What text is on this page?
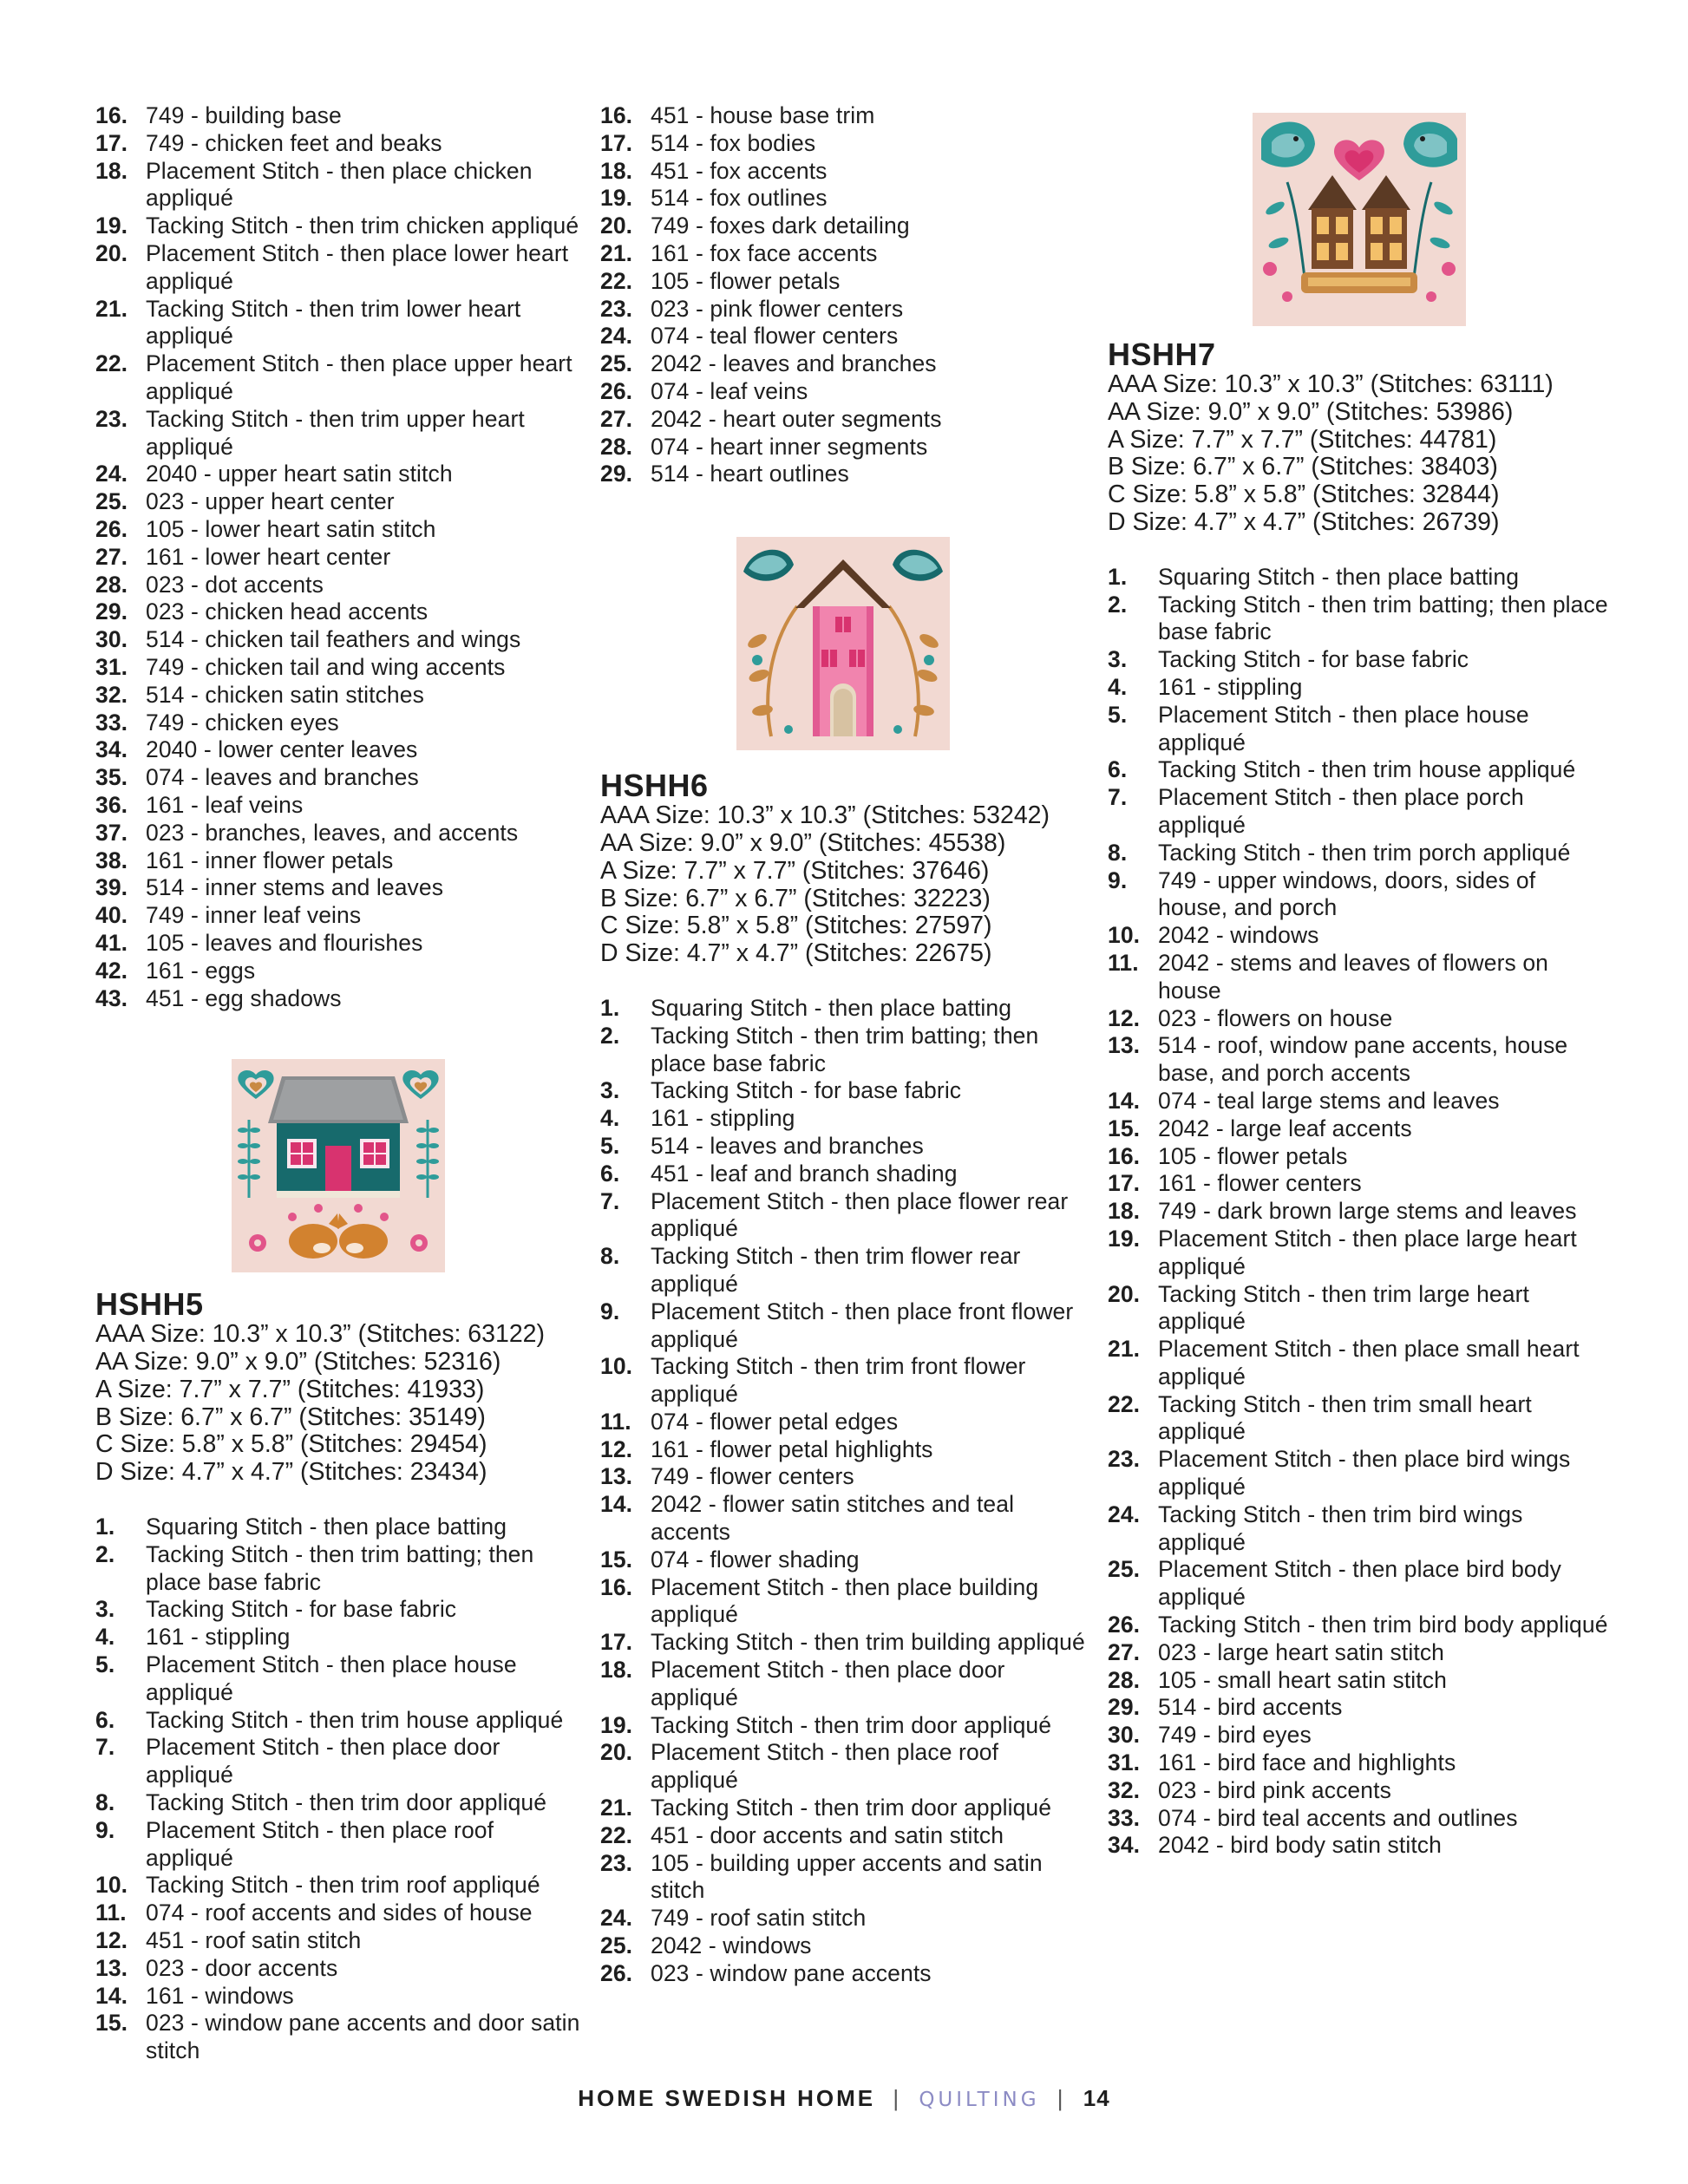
16. 749 - building base
17. 749 - chicken feet and beaks
18. Placement Stitch - then place chicken appliqué
19. Tacking Stitch - then trim chicken appliqué
20. Placement Stitch - then place lower heart appliqué
21. Tacking Stitch - then trim lower heart appliqué
22. Placement Stitch - then place upper heart appliqué
23. Tacking Stitch - then trim upper heart appliqué
24. 2040 - upper heart satin stitch
25. 023 - upper heart center
26. 105 - lower heart satin stitch
27. 161 - lower heart center
28. 023 - dot accents
29. 023 - chicken head accents
30. 514 - chicken tail feathers and wings
31. 749 - chicken tail and wing accents
32. 514 - chicken satin stitches
33. 749 - chicken eyes
34. 2040 - lower center leaves
35. 074 - leaves and branches
36. 161 - leaf veins
37. 023 - branches, leaves, and accents
38. 161 - inner flower petals
39. 514 - inner stems and leaves
40. 749 - inner leaf veins
41. 105 - leaves and flourishes
42. 161 - eggs
43. 451 - egg shadows
HSHH5
AAA Size: 10.3” x 10.3” (Stitches: 63122)
AA Size: 9.0” x 9.0” (Stitches: 52316)
A Size: 7.7” x 7.7” (Stitches: 41933)
B Size: 6.7” x 6.7” (Stitches: 35149)
C Size: 5.8” x 5.8” (Stitches: 29454)
D Size: 4.7” x 4.7” (Stitches: 23434)
1. Squaring Stitch - then place batting
2. Tacking Stitch - then trim batting; then place base fabric
3. Tacking Stitch - for base fabric
4. 161 - stippling
5. Placement Stitch - then place house appliqué
6. Tacking Stitch - then trim house appliqué
7. Placement Stitch - then place door appliqué
8. Tacking Stitch - then trim door appliqué
9. Placement Stitch - then place roof appliqué
10. Tacking Stitch - then trim roof appliqué
11. 074 - roof accents and sides of house
12. 451 - roof satin stitch
13. 023 - door accents
14. 161 - windows
15. 023 - window pane accents and door satin stitch
16. 451 - house base trim
17. 514 - fox bodies
18. 451 - fox accents
19. 514 - fox outlines
20. 749 - foxes dark detailing
21. 161 - fox face accents
22. 105 - flower petals
23. 023 - pink flower centers
24. 074 - teal flower centers
25. 2042 - leaves and branches
26. 074 - leaf veins
27. 2042 - heart outer segments
28. 074 - heart inner segments
29. 514 - heart outlines
HSHH6
AAA Size: 10.3” x 10.3” (Stitches: 53242)
AA Size: 9.0” x 9.0” (Stitches: 45538)
A Size: 7.7” x 7.7” (Stitches: 37646)
B Size: 6.7” x 6.7” (Stitches: 32223)
C Size: 5.8” x 5.8” (Stitches: 27597)
D Size: 4.7” x 4.7” (Stitches: 22675)
1. Squaring Stitch - then place batting
2. Tacking Stitch - then trim batting; then place base fabric
3. Tacking Stitch - for base fabric
4. 161 - stippling
5. 514 - leaves and branches
6. 451 - leaf and branch shading
7. Placement Stitch - then place flower rear appliqué
8. Tacking Stitch - then trim flower rear appliqué
9. Placement Stitch - then place front flower appliqué
10. Tacking Stitch - then trim front flower appliqué
11. 074 - flower petal edges
12. 161 - flower petal highlights
13. 749 - flower centers
14. 2042 - flower satin stitches and teal accents
15. 074 - flower shading
16. Placement Stitch - then place building appliqué
17. Tacking Stitch - then trim building appliqué
18. Placement Stitch - then place door appliqué
19. Tacking Stitch - then trim door appliqué
20. Placement Stitch - then place roof appliqué
21. Tacking Stitch - then trim door appliqué
22. 451 - door accents and satin stitch
23. 105 - building upper accents and satin stitch
24. 749 - roof satin stitch
25. 2042 - windows
26. 023 - window pane accents
HSHH7
AAA Size: 10.3” x 10.3” (Stitches: 63111)
AA Size: 9.0” x 9.0” (Stitches: 53986)
A Size: 7.7” x 7.7” (Stitches: 44781)
B Size: 6.7” x 6.7” (Stitches: 38403)
C Size: 5.8” x 5.8” (Stitches: 32844)
D Size: 4.7” x 4.7” (Stitches: 26739)
1. Squaring Stitch - then place batting
2. Tacking Stitch - then trim batting; then place base fabric
3. Tacking Stitch - for base fabric
4. 161 - stippling
5. Placement Stitch - then place house appliqué
6. Tacking Stitch - then trim house appliqué
7. Placement Stitch - then place porch appliqué
8. Tacking Stitch - then trim porch appliqué
9. 749 - upper windows, doors, sides of house, and porch
10. 2042 - windows
11. 2042 - stems and leaves of flowers on house
12. 023 - flowers on house
13. 514 - roof, window pane accents, house base, and porch accents
14. 074 - teal large stems and leaves
15. 2042 - large leaf accents
16. 105 - flower petals
17. 161 - flower centers
18. 749 - dark brown large stems and leaves
19. Placement Stitch - then place large heart appliqué
20. Tacking Stitch - then trim large heart appliqué
21. Placement Stitch - then place small heart appliqué
22. Tacking Stitch - then trim small heart appliqué
23. Placement Stitch - then place bird wings appliqué
24. Tacking Stitch - then trim bird wings appliqué
25. Placement Stitch - then place bird body appliqué
26. Tacking Stitch - then trim bird body appliqué
27. 023 - large heart satin stitch
28. 105 - small heart satin stitch
29. 514 - bird accents
30. 749 - bird eyes
31. 161 - bird face and highlights
32. 023 - bird pink accents
33. 074 - bird teal accents and outlines
34. 2042 - bird body satin stitch
HOME SWEDISH HOME | QUILTING | 14
